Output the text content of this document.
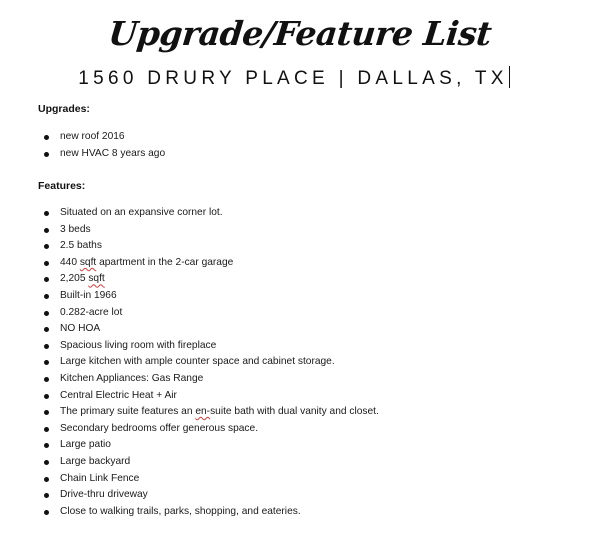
Upgrade/Feature List
1560 DRURY PLACE | DALLAS, TX
Upgrades:
new roof 2016
new HVAC 8 years ago
Features:
Situated on an expansive corner lot.
3 beds
2.5 baths
440 sqft apartment in the 2-car garage
2,205 sqft
Built-in 1966
0.282-acre lot
NO HOA
Spacious living room with fireplace
Large kitchen with ample counter space and cabinet storage.
Kitchen Appliances: Gas Range
Central Electric Heat + Air
The primary suite features an en-suite bath with dual vanity and closet.
Secondary bedrooms offer generous space.
Large patio
Large backyard
Chain Link Fence
Drive-thru driveway
Close to walking trails, parks, shopping, and eateries.
